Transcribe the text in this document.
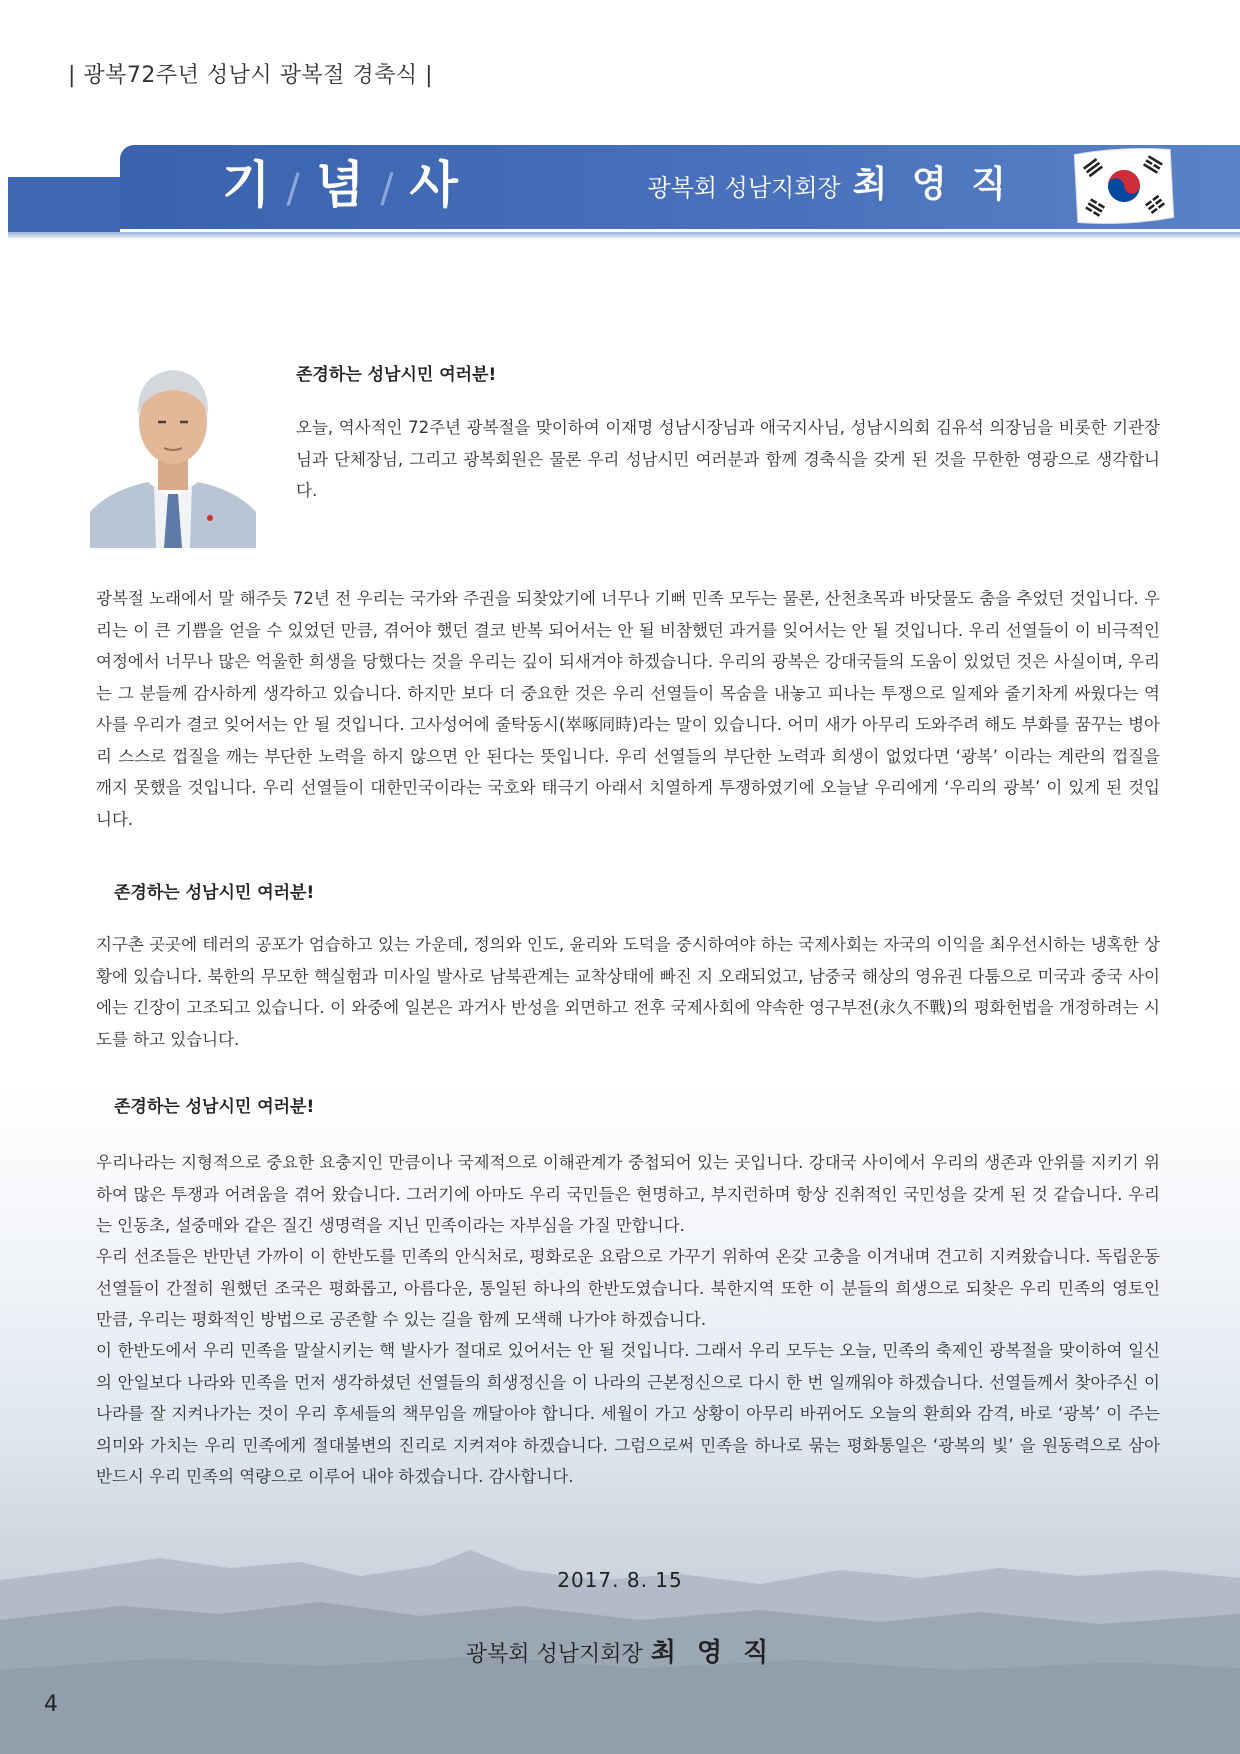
| 광복72주년 성남시 광복절 경축식 |
기 / 념 / 사	광복회 성남지회장 최 영 직
존경하는 성남시민 여러분!

오늘, 역사적인 72주년 광복절을 맞이하여 이재명 성남시장님과 애국지사님, 성남시의회 김유석 의장님을 비롯한 기관장님과 단체장님, 그리고 광복회원은 물론 우리 성남시민 여러분과 함께 경축식을 갖게 된 것을 무한한 영광으로 생각합니다.

광복절 노래에서 말 해주듯 72년 전 우리는 국가와 주권을 되찾았기에 너무나 기뻐 민족 모두는 물론, 산천초목과 바닷물도 춤을 추었던 것입니다. 우리는 이 큰 기쁨을 얻을 수 있었던 만큼, 겪어야 했던 결코 반복 되어서는 안 될 비참했던 과거를 잊어서는 안 될 것입니다. 우리 선열들이 이 비극적인 여정에서 너무나 많은 억울한 희생을 당했다는 것을 우리는 깊이 되새겨야 하겠습니다. 우리의 광복은 강대국들의 도움이 있었던 것은 사실이며, 우리는 그 분들께 감사하게 생각하고 있습니다. 하지만 보다 더 중요한 것은 우리 선열들이 목숨을 내놓고 피나는 투쟁으로 일제와 줄기차게 싸웠다는 역사를 우리가 결코 잊어서는 안 될 것입니다. 고사성어에 줄탁동시(崒啄同時)라는 말이 있습니다. 어미 새가 아무리 도와주려 해도 부화를 꿈꾸는 병아리 스스로 껍질을 깨는 부단한 노력을 하지 않으면 안 된다는 뜻입니다. 우리 선열들의 부단한 노력과 희생이 없었다면 ‘광복’ 이라는 계란의 껍질을 깨지 못했을 것입니다. 우리 선열들이 대한민국이라는 국호와 태극기 아래서 치열하게 투쟁하였기에 오늘날 우리에게 ‘우리의 광복’ 이 있게 된 것입니다.

존경하는 성남시민 여러분!

지구촌 곳곳에 테러의 공포가 엄습하고 있는 가운데, 정의와 인도, 윤리와 도덕을 중시하여야 하는 국제사회는 자국의 이익을 최우선시하는 냉혹한 상황에 있습니다. 북한의 무모한 핵실험과 미사일 발사로 남북관계는 교착상태에 빠진 지 오래되었고, 남중국 해상의 영유권 다툼으로 미국과 중국 사이에는 긴장이 고조되고 있습니다. 이 와중에 일본은 과거사 반성을 외면하고 전후 국제사회에 약속한 영구부전(永久不戰)의 평화헌법을 개정하려는 시도를 하고 있습니다.

존경하는 성남시민 여러분!

우리나라는 지형적으로 중요한 요충지인 만큼이나 국제적으로 이해관계가 중첩되어 있는 곳입니다. 강대국 사이에서 우리의 생존과 안위를 지키기 위하여 많은 투쟁과 어려움을 겪어 왔습니다. 그러기에 아마도 우리 국민들은 현명하고, 부지런하며 항상 진취적인 국민성을 갖게 된 것 같습니다. 우리는 인동초, 설중매와 같은 질긴 생명력을 지닌 민족이라는 자부심을 가질 만합니다.

우리 선조들은 반만년 가까이 이 한반도를 민족의 안식처로, 평화로운 요람으로 가꾸기 위하여 온갖 고충을 이겨내며 견고히 지켜왔습니다. 독립운동 선열들이 간절히 원했던 조국은 평화롭고, 아름다운, 통일된 하나의 한반도였습니다. 북한지역 또한 이 분들의 희생으로 되찾은 우리 민족의 영토인 만큼, 우리는 평화적인 방법으로 공존할 수 있는 길을 함께 모색해 나가야 하겠습니다.

이 한반도에서 우리 민족을 말살시키는 핵 발사가 절대로 있어서는 안 될 것입니다. 그래서 우리 모두는 오늘, 민족의 축제인 광복절을 맞이하여 일신의 안일보다 나라와 민족을 먼저 생각하셨던 선열들의 희생정신을 이 나라의 근본정신으로 다시 한 번 일깨워야 하겠습니다. 선열들께서 찾아주신 이 나라를 잘 지켜나가는 것이 우리 후세들의 책무임을 깨달아야 합니다. 세월이 가고 상황이 아무리 바뀌어도 오늘의 환희와 감격, 바로 ‘광복’ 이 주는 의미와 가치는 우리 민족에게 절대불변의 진리로 지켜져야 하겠습니다. 그럼으로써 민족을 하나로 묶는 평화통일은 ‘광복의 빛’ 을 원동력으로 삼아 반드시 우리 민족의 역량으로 이루어 내야 하겠습니다. 감사합니다.

2017. 8. 15
광복회 성남지회장 최 영 직
4
